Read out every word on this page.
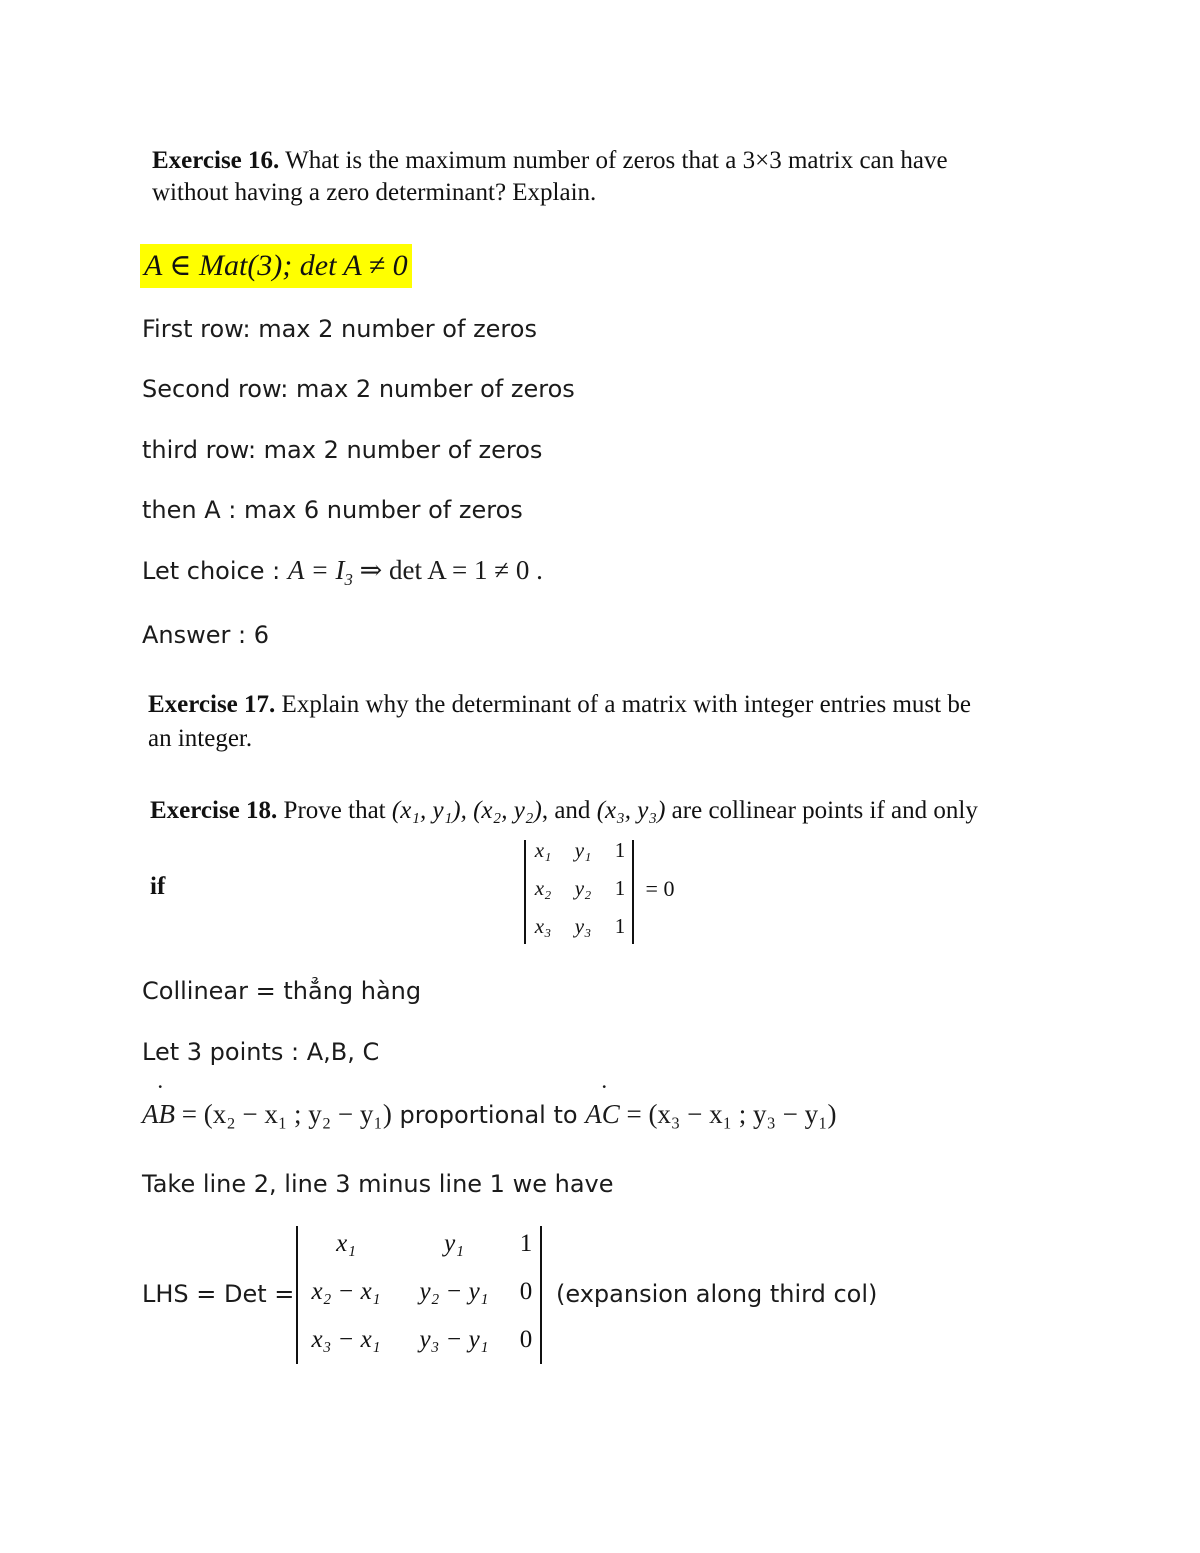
Exercise 16. What is the maximum number of zeros that a 3×3 matrix can have
without having a zero determinant? Explain.
A ∈ Mat(3); det A ≠ 0
First row: max 2 number of zeros
Second row: max 2 number of zeros
third row: max 2 number of zeros
then A : max 6 number of zeros
Let choice : $A = I_3$ ⇒ det A = 1 ≠ 0 .
Answer : 6
Exercise 17. Explain why the determinant of a matrix with integer entries must be
an integer.
Exercise 18. Prove that (x₁, y₁), (x₂, y₂), and (x₃, y₃) are collinear points if and only
if
x₁	y₁	1
x₂	y₂	1
x₃	y₃	1
= 0
Collinear = thẳng hàng
Let 3 points : A,B, C
AB ˙ = (x₂ − x₁ ; y₂ − y₁) proportional to AC ˙ = (x₃ − x₁ ; y₃ − y₁)
Take line 2, line 3 minus line 1 we have
LHS = Det =
x₁	y₁	1
x₂ − x₁	y₂ − y₁	0
x₃ − x₁	y₃ − y₁	0
(expansion along third col)
